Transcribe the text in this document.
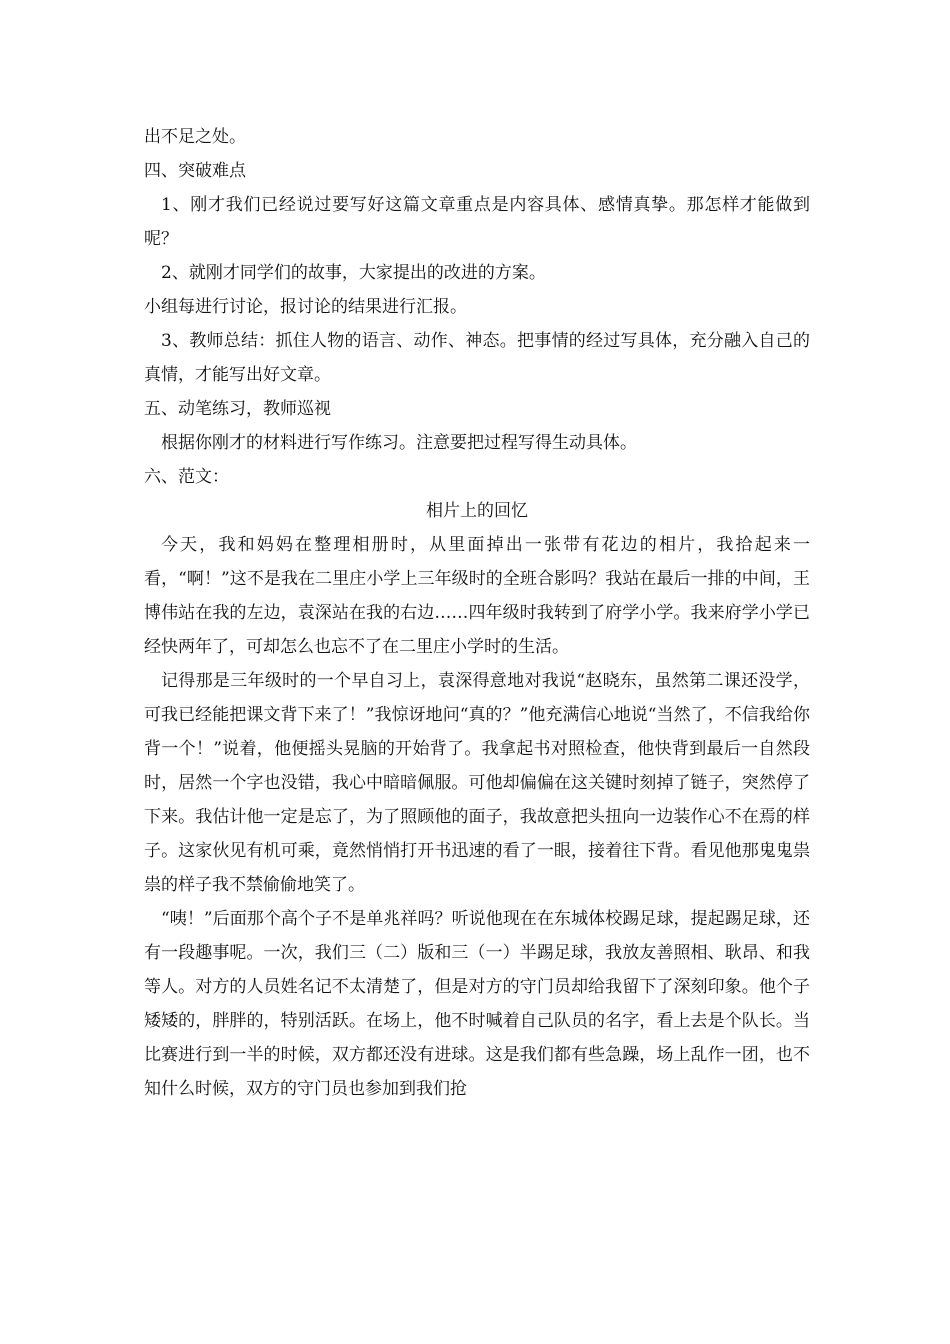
出不足之处。

四、突破难点

1、刚才我们已经说过要写好这篇文章重点是内容具体、感情真挚。那怎样才能做到呢？

2、就刚才同学们的故事，大家提出的改进的方案。

小组每进行讨论，报讨论的结果进行汇报。

3、教师总结：抓住人物的语言、动作、神态。把事情的经过写具体，充分融入自己的真情，才能写出好文章。

五、动笔练习，教师巡视

根据你刚才的材料进行写作练习。注意要把过程写得生动具体。

六、范文：

相片上的回忆

今天，我和妈妈在整理相册时，从里面掉出一张带有花边的相片，我拾起来一看，“啊！”这不是我在二里庄小学上三年级时的全班合影吗？我站在最后一排的中间，王博伟站在我的左边，袁深站在我的右边……四年级时我转到了府学小学。我来府学小学已经快两年了，可却怎么也忘不了在二里庄小学时的生活。

记得那是三年级时的一个早自习上，袁深得意地对我说“赵晓东，虽然第二课还没学，可我已经能把课文背下来了！”我惊讶地问“真的？”他充满信心地说“当然了，不信我给你背一个！”说着，他便摇头晃脑的开始背了。我拿起书对照检查，他快背到最后一自然段时，居然一个字也没错，我心中暗暗佩服。可他却偏偏在这关键时刻掉了链子，突然停了下来。我估计他一定是忘了，为了照顾他的面子，我故意把头扭向一边装作心不在焉的样子。这家伙见有机可乘，竟然悄悄打开书迅速的看了一眼，接着往下背。看见他那鬼鬼祟祟的样子我不禁偷偷地笑了。

“咦！”后面那个高个子不是单兆祥吗？听说他现在在东城体校踢足球，提起踢足球，还有一段趣事呢。一次，我们三（二）版和三（一）半踢足球，我放友善照相、耿昂、和我等人。对方的人员姓名记不太清楚了，但是对方的守门员却给我留下了深刻印象。他个子矮矮的，胖胖的，特别活跃。在场上，他不时喊着自己队员的名字，看上去是个队长。当比赛进行到一半的时候，双方都还没有进球。这是我们都有些急躁，场上乱作一团，也不知什么时候，双方的守门员也参加到我们抢
